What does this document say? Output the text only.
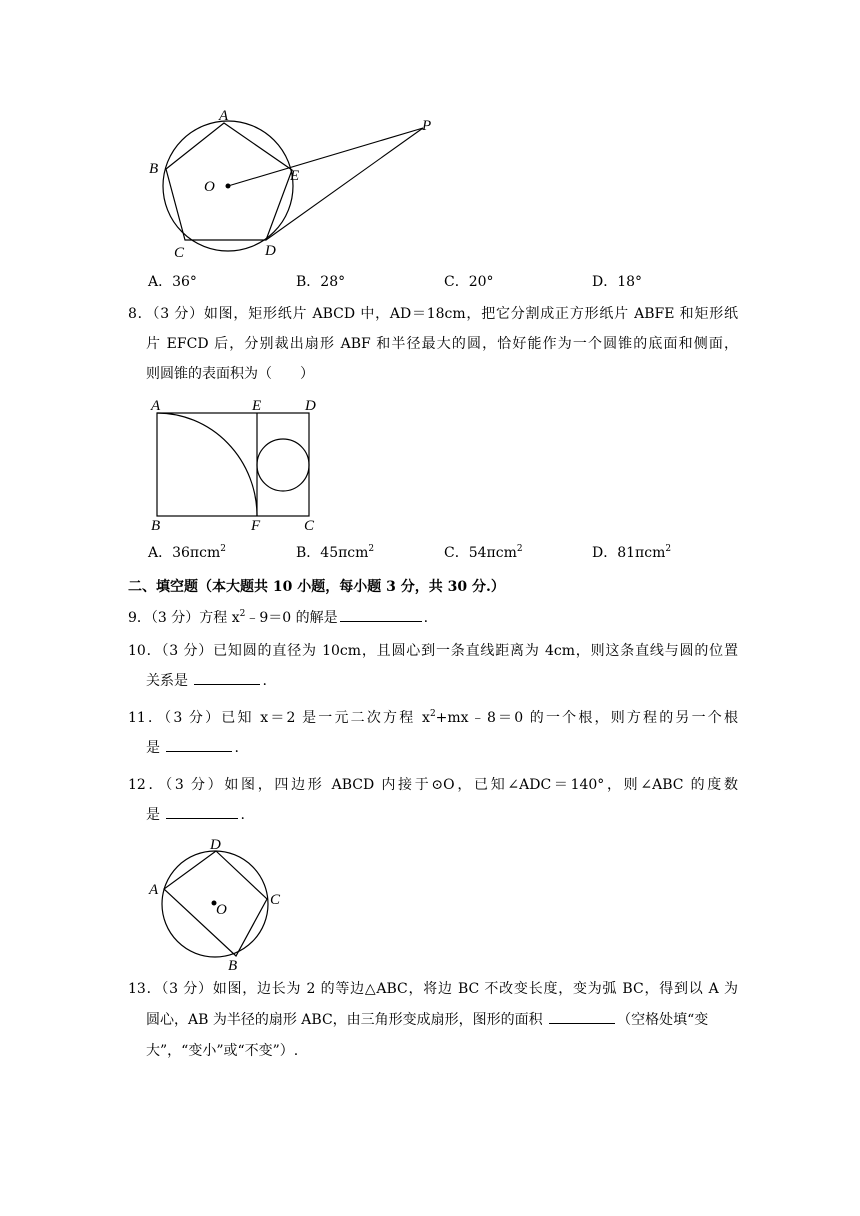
A
B
C	D
E
O
P
A．36°	B．28°	C．20°	D．18°
8．（3 分）如图，矩形纸片 ABCD 中，AD＝18cm，把它分割成正方形纸片 ABFE 和矩形纸
片 EFCD 后，分别裁出扇形 ABF 和半径最大的圆，恰好能作为一个圆锥的底面和侧面，
则圆锥的表面积为（　　）
A	E	D
B	F	C
A．36πcm$^2$	B．45πcm$^2$	C．54πcm$^2$	D．81πcm$^2$
二、填空题（本大题共 10 小题，每小题 3 分，共 30 分.）
9．（3 分）方程 $x^2﹣9=0$ 的解是	.
10．（3 分）已知圆的直径为 10cm，且圆心到一条直线距离为 4cm，则这条直线与圆的位置
关系是	.
11．（3 分）已知 x＝2 是一元二次方程 $x^2+mx﹣8=0$ 的一个根，则方程的另一个根
是	.
12．（3 分）如图，四边形 ABCD 内接于⊙O，已知∠ADC＝140°，则∠ABC 的度数
是	.
D
A
C
B
O
13．（3 分）如图，边长为 2 的等边△ABC，将边 BC 不改变长度，变为弧 BC，得到以 A 为
圆心，AB 为半径的扇形 ABC，由三角形变成扇形，图形的面积	（空格处填“变
大”，“变小”或“不变”）.
